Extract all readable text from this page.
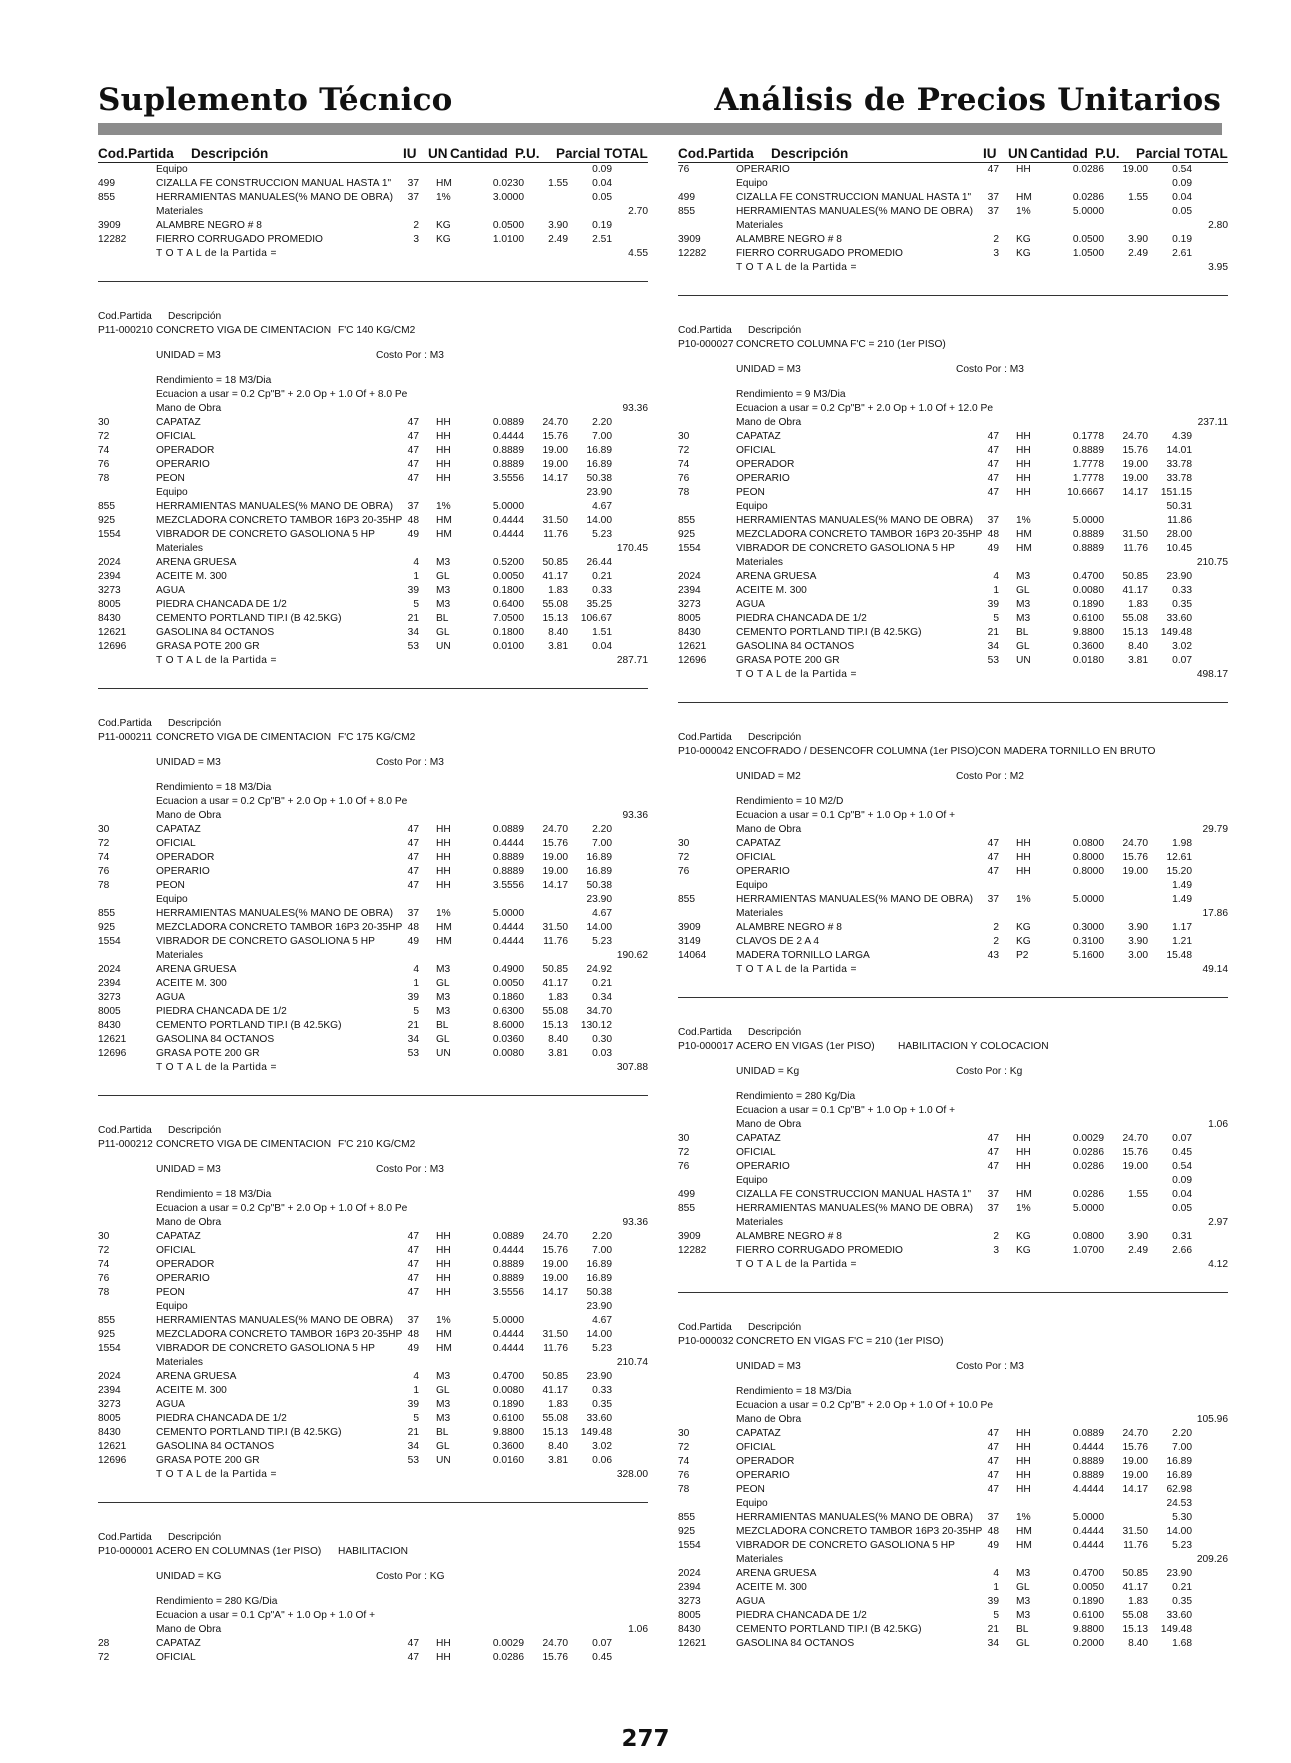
Suplemento Técnico	Análisis de Precios Unitarios
Cod.Partida Descripción	IU UN Cantidad P.U. Parcial TOTAL
Equipo	0.09
499	CIZALLA FE CONSTRUCCION MANUAL HASTA 1"	37 HM	0.0230	1.55	0.04
855	HERRAMIENTAS MANUALES(% MANO DE OBRA)	37 1%	3.0000	0.05
Materiales	2.70
3909	ALAMBRE NEGRO # 8	2 KG	0.0500	3.90	0.19
12282	FIERRO CORRUGADO PROMEDIO	3 KG	1.0100	2.49	2.51
T O T A L de la Partida =	4.55
Cod.Partida Descripción
P11-000210 CONCRETO VIGA DE CIMENTACION F'C 140 KG/CM2
UNIDAD = M3	Costo Por : M3
Rendimiento = 18 M3/Dia
Ecuacion a usar = 0.2 Cp"B" + 2.0 Op + 1.0 Of + 8.0 Pe
Mano de Obra	93.36
30	CAPATAZ	47 HH	0.0889	24.70	2.20
72	OFICIAL	47 HH	0.4444	15.76	7.00
74	OPERADOR	47 HH	0.8889	19.00	16.89
76	OPERARIO	47 HH	0.8889	19.00	16.89
78	PEON	47 HH	3.5556	14.17	50.38
Equipo	23.90
855	HERRAMIENTAS MANUALES(% MANO DE OBRA)	37 1%	5.0000	4.67
925	MEZCLADORA CONCRETO TAMBOR 16P3 20-35HP 48 HM	0.4444	31.50	14.00
1554	VIBRADOR DE CONCRETO GASOLIONA 5 HP	49 HM	0.4444	11.76	5.23
Materiales	170.45
2024	ARENA GRUESA	4 M3	0.5200	50.85	26.44
2394	ACEITE M. 300	1 GL	0.0050	41.17	0.21
3273	AGUA	39 M3	0.1800	1.83	0.33
8005	PIEDRA CHANCADA DE 1/2	5 M3	0.6400	55.08	35.25
8430	CEMENTO PORTLAND TIP.I (B 42.5KG)	21 BL	7.0500	15.13	106.67
12621	GASOLINA 84 OCTANOS	34 GL	0.1800	8.40	1.51
12696	GRASA POTE 200 GR	53 UN	0.0100	3.81	0.04
T O T A L de la Partida =	287.71
Cod.Partida Descripción
P11-000211 CONCRETO VIGA DE CIMENTACION F'C 175 KG/CM2
UNIDAD = M3	Costo Por : M3
Rendimiento = 18 M3/Dia
Ecuacion a usar = 0.2 Cp"B" + 2.0 Op + 1.0 Of + 8.0 Pe
Mano de Obra	93.36
30	CAPATAZ	47 HH	0.0889	24.70	2.20
72	OFICIAL	47 HH	0.4444	15.76	7.00
74	OPERADOR	47 HH	0.8889	19.00	16.89
76	OPERARIO	47 HH	0.8889	19.00	16.89
78	PEON	47 HH	3.5556	14.17	50.38
Equipo	23.90
855	HERRAMIENTAS MANUALES(% MANO DE OBRA)	37 1%	5.0000	4.67
925	MEZCLADORA CONCRETO TAMBOR 16P3 20-35HP 48 HM	0.4444	31.50	14.00
1554	VIBRADOR DE CONCRETO GASOLIONA 5 HP	49 HM	0.4444	11.76	5.23
Materiales	190.62
2024	ARENA GRUESA	4 M3	0.4900	50.85	24.92
2394	ACEITE M. 300	1 GL	0.0050	41.17	0.21
3273	AGUA	39 M3	0.1860	1.83	0.34
8005	PIEDRA CHANCADA DE 1/2	5 M3	0.6300	55.08	34.70
8430	CEMENTO PORTLAND TIP.I (B 42.5KG)	21 BL	8.6000	15.13	130.12
12621	GASOLINA 84 OCTANOS	34 GL	0.0360	8.40	0.30
12696	GRASA POTE 200 GR	53 UN	0.0080	3.81	0.03
T O T A L de la Partida =	307.88
Cod.Partida Descripción
P11-000212 CONCRETO VIGA DE CIMENTACION F'C 210 KG/CM2
UNIDAD = M3	Costo Por : M3
Rendimiento = 18 M3/Dia
Ecuacion a usar = 0.2 Cp"B" + 2.0 Op + 1.0 Of + 8.0 Pe
Mano de Obra	93.36
30	CAPATAZ	47 HH	0.0889	24.70	2.20
72	OFICIAL	47 HH	0.4444	15.76	7.00
74	OPERADOR	47 HH	0.8889	19.00	16.89
76	OPERARIO	47 HH	0.8889	19.00	16.89
78	PEON	47 HH	3.5556	14.17	50.38
Equipo	23.90
855	HERRAMIENTAS MANUALES(% MANO DE OBRA)	37 1%	5.0000	4.67
925	MEZCLADORA CONCRETO TAMBOR 16P3 20-35HP 48 HM	0.4444	31.50	14.00
1554	VIBRADOR DE CONCRETO GASOLIONA 5 HP	49 HM	0.4444	11.76	5.23
Materiales	210.74
2024	ARENA GRUESA	4 M3	0.4700	50.85	23.90
2394	ACEITE M. 300	1 GL	0.0080	41.17	0.33
3273	AGUA	39 M3	0.1890	1.83	0.35
8005	PIEDRA CHANCADA DE 1/2	5 M3	0.6100	55.08	33.60
8430	CEMENTO PORTLAND TIP.I (B 42.5KG)	21 BL	9.8800	15.13	149.48
12621	GASOLINA 84 OCTANOS	34 GL	0.3600	8.40	3.02
12696	GRASA POTE 200 GR	53 UN	0.0160	3.81	0.06
T O T A L de la Partida =	328.00
Cod.Partida Descripción
P10-000001 ACERO EN COLUMNAS (1er PISO) HABILITACION
UNIDAD = KG	Costo Por : KG
Rendimiento = 280 KG/Dia
Ecuacion a usar = 0.1 Cp"A" + 1.0 Op + 1.0 Of +
Mano de Obra	1.06
28	CAPATAZ	47 HH	0.0029	24.70	0.07
72	OFICIAL	47 HH	0.0286	15.76	0.45
Cod.Partida Descripción	IU UN Cantidad P.U. Parcial TOTAL
76	OPERARIO	47 HH	0.0286	19.00	0.54
Equipo	0.09
499	CIZALLA FE CONSTRUCCION MANUAL HASTA 1"	37 HM	0.0286	1.55	0.04
855	HERRAMIENTAS MANUALES(% MANO DE OBRA)	37 1%	5.0000	0.05
Materiales	2.80
3909	ALAMBRE NEGRO # 8	2 KG	0.0500	3.90	0.19
12282	FIERRO CORRUGADO PROMEDIO	3 KG	1.0500	2.49	2.61
T O T A L de la Partida =	3.95
Cod.Partida Descripción
P10-000027 CONCRETO COLUMNA F'C = 210 (1er PISO)
UNIDAD = M3	Costo Por : M3
Rendimiento = 9 M3/Dia
Ecuacion a usar = 0.2 Cp"B" + 2.0 Op + 1.0 Of + 12.0 Pe
Mano de Obra	237.11
30	CAPATAZ	47 HH	0.1778	24.70	4.39
72	OFICIAL	47 HH	0.8889	15.76	14.01
74	OPERADOR	47 HH	1.7778	19.00	33.78
76	OPERARIO	47 HH	1.7778	19.00	33.78
78	PEON	47 HH	10.6667	14.17	151.15
Equipo	50.31
855	HERRAMIENTAS MANUALES(% MANO DE OBRA)	37 1%	5.0000	11.86
925	MEZCLADORA CONCRETO TAMBOR 16P3 20-35HP 48 HM	0.8889	31.50	28.00
1554	VIBRADOR DE CONCRETO GASOLIONA 5 HP	49 HM	0.8889	11.76	10.45
Materiales	210.75
2024	ARENA GRUESA	4 M3	0.4700	50.85	23.90
2394	ACEITE M. 300	1 GL	0.0080	41.17	0.33
3273	AGUA	39 M3	0.1890	1.83	0.35
8005	PIEDRA CHANCADA DE 1/2	5 M3	0.6100	55.08	33.60
8430	CEMENTO PORTLAND TIP.I (B 42.5KG)	21 BL	9.8800	15.13	149.48
12621	GASOLINA 84 OCTANOS	34 GL	0.3600	8.40	3.02
12696	GRASA POTE 200 GR	53 UN	0.0180	3.81	0.07
T O T A L de la Partida =	498.17
Cod.Partida Descripción
P10-000042 ENCOFRADO / DESENCOFR COLUMNA (1er PISO)CON MADERA TORNILLO EN BRUTO
UNIDAD = M2	Costo Por : M2
Rendimiento = 10 M2/D
Ecuacion a usar = 0.1 Cp"B" + 1.0 Op + 1.0 Of +
Mano de Obra	29.79
30	CAPATAZ	47 HH	0.0800	24.70	1.98
72	OFICIAL	47 HH	0.8000	15.76	12.61
76	OPERARIO	47 HH	0.8000	19.00	15.20
Equipo	1.49
855	HERRAMIENTAS MANUALES(% MANO DE OBRA)	37 1%	5.0000	1.49
Materiales	17.86
3909	ALAMBRE NEGRO # 8	2 KG	0.3000	3.90	1.17
3149	CLAVOS DE 2 A 4	2 KG	0.3100	3.90	1.21
14064	MADERA TORNILLO LARGA	43 P2	5.1600	3.00	15.48
T O T A L de la Partida =	49.14
Cod.Partida Descripción
P10-000017 ACERO EN VIGAS (1er PISO) HABILITACION Y COLOCACION
UNIDAD = Kg	Costo Por : Kg
Rendimiento = 280 Kg/Dia
Ecuacion a usar = 0.1 Cp"B" + 1.0 Op + 1.0 Of +
Mano de Obra	1.06
30	CAPATAZ	47 HH	0.0029	24.70	0.07
72	OFICIAL	47 HH	0.0286	15.76	0.45
76	OPERARIO	47 HH	0.0286	19.00	0.54
Equipo	0.09
499	CIZALLA FE CONSTRUCCION MANUAL HASTA 1"	37 HM	0.0286	1.55	0.04
855	HERRAMIENTAS MANUALES(% MANO DE OBRA)	37 1%	5.0000	0.05
Materiales	2.97
3909	ALAMBRE NEGRO # 8	2 KG	0.0800	3.90	0.31
12282	FIERRO CORRUGADO PROMEDIO	3 KG	1.0700	2.49	2.66
T O T A L de la Partida =	4.12
Cod.Partida Descripción
P10-000032 CONCRETO EN VIGAS F'C = 210 (1er PISO)
UNIDAD = M3	Costo Por : M3
Rendimiento = 18 M3/Dia
Ecuacion a usar = 0.2 Cp"B" + 2.0 Op + 1.0 Of + 10.0 Pe
Mano de Obra	105.96
30	CAPATAZ	47 HH	0.0889	24.70	2.20
72	OFICIAL	47 HH	0.4444	15.76	7.00
74	OPERADOR	47 HH	0.8889	19.00	16.89
76	OPERARIO	47 HH	0.8889	19.00	16.89
78	PEON	47 HH	4.4444	14.17	62.98
Equipo	24.53
855	HERRAMIENTAS MANUALES(% MANO DE OBRA)	37 1%	5.0000	5.30
925	MEZCLADORA CONCRETO TAMBOR 16P3 20-35HP 48 HM	0.4444	31.50	14.00
1554	VIBRADOR DE CONCRETO GASOLIONA 5 HP	49 HM	0.4444	11.76	5.23
Materiales	209.26
2024	ARENA GRUESA	4 M3	0.4700	50.85	23.90
2394	ACEITE M. 300	1 GL	0.0050	41.17	0.21
3273	AGUA	39 M3	0.1890	1.83	0.35
8005	PIEDRA CHANCADA DE 1/2	5 M3	0.6100	55.08	33.60
8430	CEMENTO PORTLAND TIP.I (B 42.5KG)	21 BL	9.8800	15.13	149.48
12621	GASOLINA 84 OCTANOS	34 GL	0.2000	8.40	1.68
277
